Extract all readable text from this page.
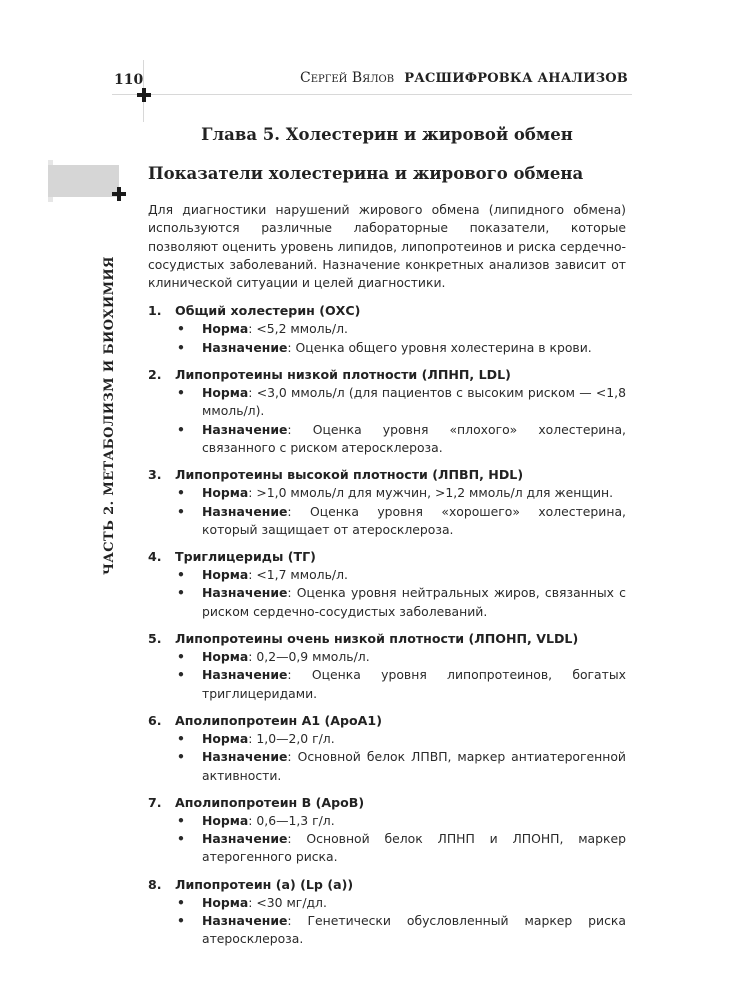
110	Сергей Вялов РАСШИФРОВКА АНАЛИЗОВ
ЧАСТЬ 2. МЕТАБОЛИЗМ И БИОХИМИЯ
Глава 5. Холестерин и жировой обмен
Показатели холестерина и жирового обмена

Для диагностики нарушений жирового обмена (липидного обмена) используются различные лабораторные показатели, которые позволяют оценить уровень липидов, липопротеинов и риска сердечно-сосудистых заболеваний. Назначение конкретных анализов зависит от клинической ситуации и целей диагностики.

1.	Общий холестерин (ОХС)
•	Норма: <5,2 ммоль/л.
•	Назначение: Оценка общего уровня холестерина в крови.
2.	Липопротеины низкой плотности (ЛПНП, LDL)
•	Норма: <3,0 ммоль/л (для пациентов с высоким риском — <1,8 ммоль/л).
•	Назначение: Оценка уровня «плохого» холестерина, связанного с риском атеросклероза.
3.	Липопротеины высокой плотности (ЛПВП, HDL)
•	Норма: >1,0 ммоль/л для мужчин, >1,2 ммоль/л для женщин.
•	Назначение: Оценка уровня «хорошего» холестерина, который защищает от атеросклероза.
4.	Триглицериды (ТГ)
•	Норма: <1,7 ммоль/л.
•	Назначение: Оценка уровня нейтральных жиров, связанных с риском сердечно-сосудистых заболеваний.
5.	Липопротеины очень низкой плотности (ЛПОНП, VLDL)
•	Норма: 0,2—0,9 ммоль/л.
•	Назначение: Оценка уровня липопротеинов, богатых триглицеридами.
6.	Аполипопротеин А1 (АроА1)
•	Норма: 1,0—2,0 г/л.
•	Назначение: Основной белок ЛПВП, маркер антиатерогенной активности.
7.	Аполипопротеин В (АроВ)
•	Норма: 0,6—1,3 г/л.
•	Назначение: Основной белок ЛПНП и ЛПОНП, маркер атерогенного риска.
8.	Липопротеин (а) (Lp (а))
•	Норма: <30 мг/дл.
•	Назначение: Генетически обусловленный маркер риска атеросклероза.
